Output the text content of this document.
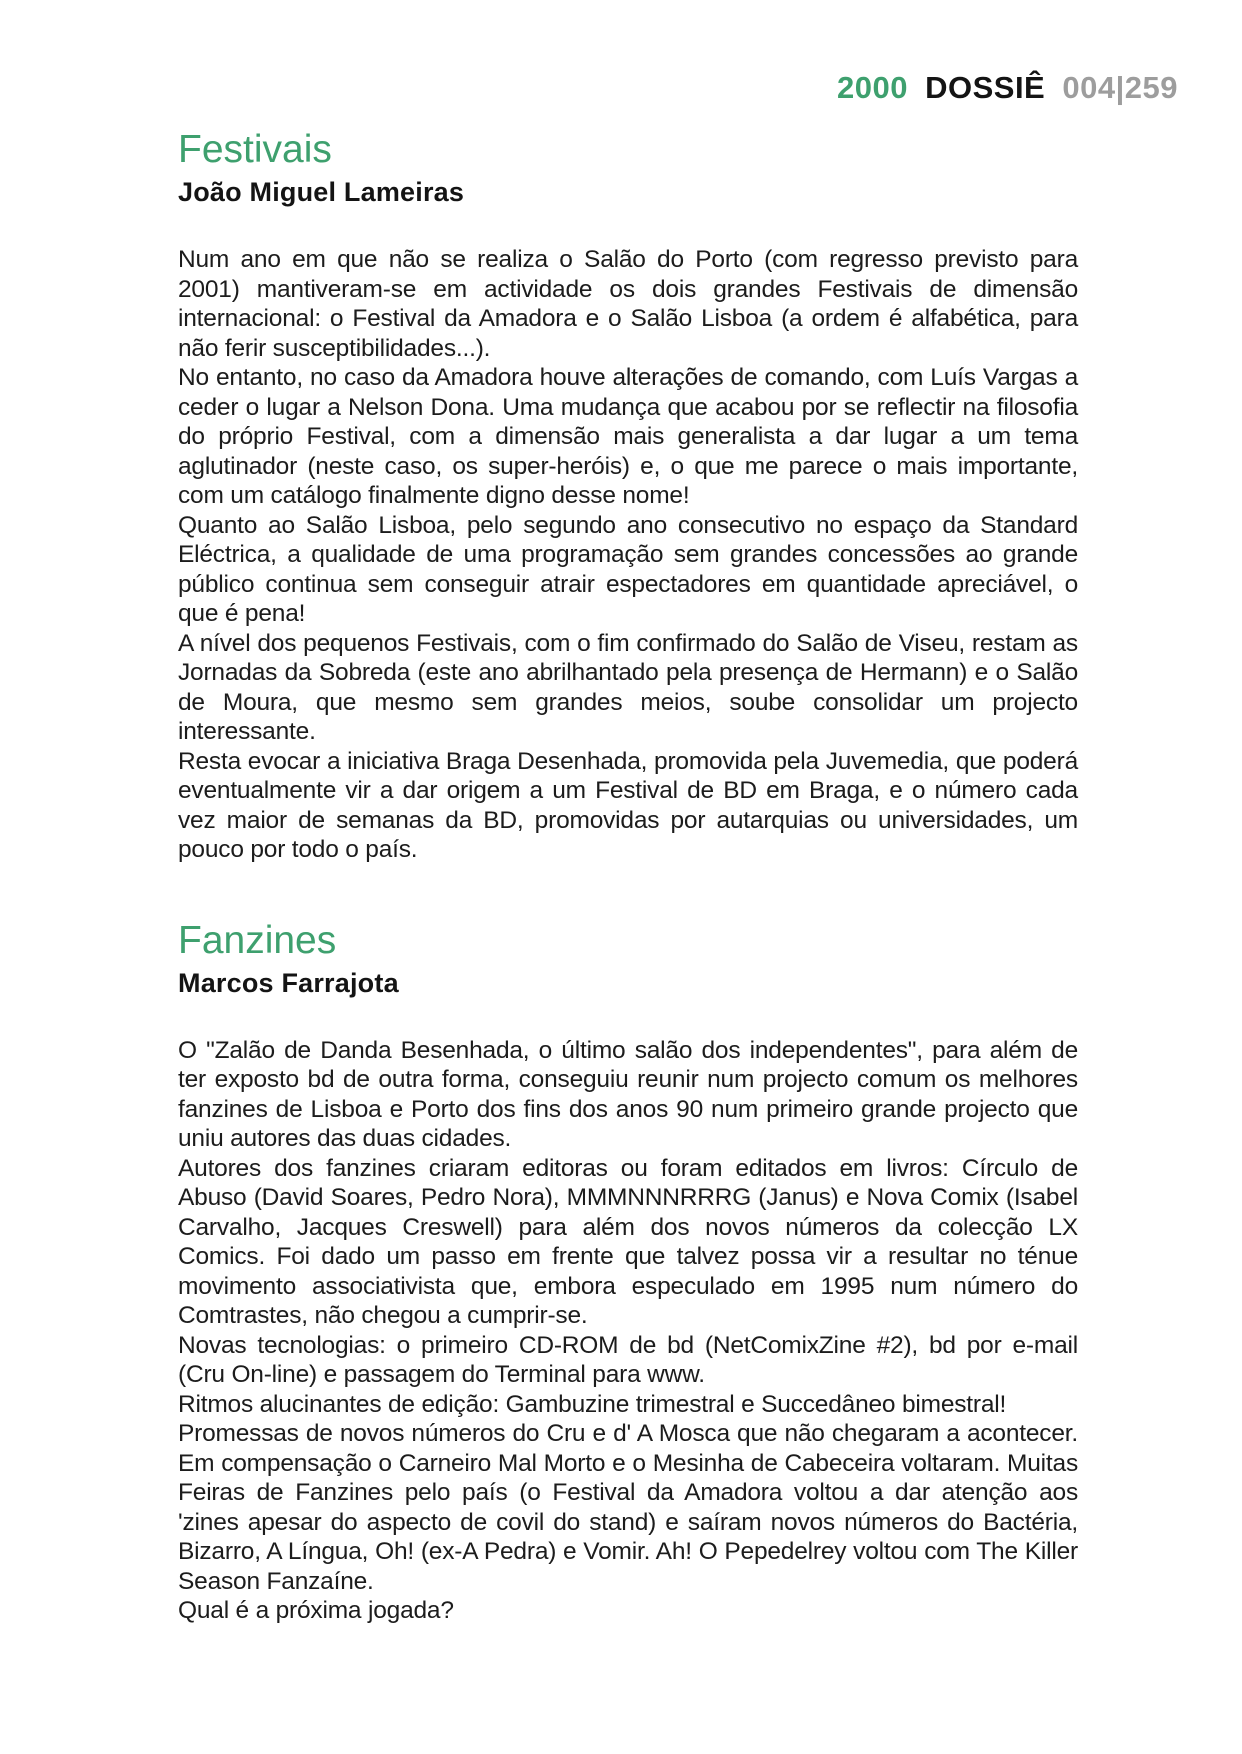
2000 DOSSIÊ 004|259
Festivais
João Miguel Lameiras

Num ano em que não se realiza o Salão do Porto (com regresso previsto para 2001) mantiveram-se em actividade os dois grandes Festivais de dimensão internacional: o Festival da Amadora e o Salão Lisboa (a ordem é alfabética, para não ferir susceptibilidades...).

No entanto, no caso da Amadora houve alterações de comando, com Luís Vargas a ceder o lugar a Nelson Dona. Uma mudança que acabou por se reflectir na filosofia do próprio Festival, com a dimensão mais generalista a dar lugar a um tema aglutinador (neste caso, os super-heróis) e, o que me parece o mais importante, com um catálogo finalmente digno desse nome!

Quanto ao Salão Lisboa, pelo segundo ano consecutivo no espaço da Standard Eléctrica, a qualidade de uma programação sem grandes concessões ao grande público continua sem conseguir atrair espectadores em quantidade apreciável, o que é pena!

A nível dos pequenos Festivais, com o fim confirmado do Salão de Viseu, restam as Jornadas da Sobreda (este ano abrilhantado pela presença de Hermann) e o Salão de Moura, que mesmo sem grandes meios, soube consolidar um projecto interessante.

Resta evocar a iniciativa Braga Desenhada, promovida pela Juvemedia, que poderá eventualmente vir a dar origem a um Festival de BD em Braga, e o número cada vez maior de semanas da BD, promovidas por autarquias ou universidades, um pouco por todo o país.

Fanzines
Marcos Farrajota

O "Zalão de Danda Besenhada, o último salão dos independentes", para além de ter exposto bd de outra forma, conseguiu reunir num projecto comum os melhores fanzines de Lisboa e Porto dos fins dos anos 90 num primeiro grande projecto que uniu autores das duas cidades.

Autores dos fanzines criaram editoras ou foram editados em livros: Círculo de Abuso (David Soares, Pedro Nora), MMMNNNRRRG (Janus) e Nova Comix (Isabel Carvalho, Jacques Creswell) para além dos novos números da colecção LX Comics. Foi dado um passo em frente que talvez possa vir a resultar no ténue movimento associativista que, embora especulado em 1995 num número do Comtrastes, não chegou a cumprir-se.

Novas tecnologias: o primeiro CD-ROM de bd (NetComixZine #2), bd por e-mail (Cru On-line) e passagem do Terminal para www.

Ritmos alucinantes de edição: Gambuzine trimestral e Succedâneo bimestral!

Promessas de novos números do Cru e d' A Mosca que não chegaram a acontecer. Em compensação o Carneiro Mal Morto e o Mesinha de Cabeceira voltaram. Muitas Feiras de Fanzines pelo país (o Festival da Amadora voltou a dar atenção aos 'zines apesar do aspecto de covil do stand) e saíram novos números do Bactéria, Bizarro, A Língua, Oh! (ex-A Pedra) e Vomir. Ah! O Pepedelrey voltou com The Killer Season Fanzaíne.

Qual é a próxima jogada?
